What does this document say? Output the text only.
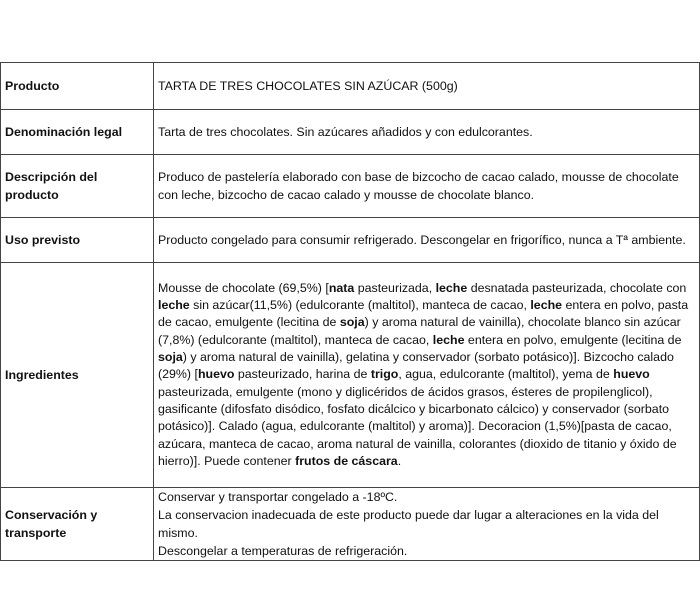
Producto	TARTA DE TRES CHOCOLATES SIN AZÚCAR (500g)
Denominación legal	Tarta de tres chocolates. Sin azúcares añadidos y con edulcorantes.
Descripción del producto	Produco de pastelería elaborado con base de bizcocho de cacao calado, mousse de chocolate con leche, bizcocho de cacao calado y mousse de chocolate blanco.
Uso previsto	Producto congelado para consumir refrigerado. Descongelar en frigorífico, nunca a Tª ambiente.
Ingredientes	Mousse de chocolate (69,5%) [nata pasteurizada, leche desnatada pasteurizada, chocolate con leche sin azúcar(11,5%) (edulcorante (maltitol), manteca de cacao, leche entera en polvo, pasta de cacao, emulgente (lecitina de soja) y aroma natural de vainilla), chocolate blanco sin azúcar (7,8%) (edulcorante (maltitol), manteca de cacao, leche entera en polvo, emulgente (lecitina de soja) y aroma natural de vainilla), gelatina y conservador (sorbato potásico)]. Bizcocho calado (29%) [huevo pasteurizado, harina de trigo, agua, edulcorante (maltitol), yema de huevo pasteurizada, emulgente (mono y diglicéridos de ácidos grasos, ésteres de propilenglicol), gasificante (difosfato disódico, fosfato dicálcico y bicarbonato cálcico) y conservador (sorbato potásico)]. Calado (agua, edulcorante (maltitol) y aroma)]. Decoracion (1,5%)[pasta de cacao, azúcara, manteca de cacao, aroma natural de vainilla, colorantes (dioxido de titanio y óxido de hierro)]. Puede contener frutos de cáscara.
Conservación y transporte	Conservar y transportar congelado a -18ºC.
La conservacion inadecuada de este producto puede dar lugar a alteraciones en la vida del mismo.
Descongelar a temperaturas de refrigeración.
